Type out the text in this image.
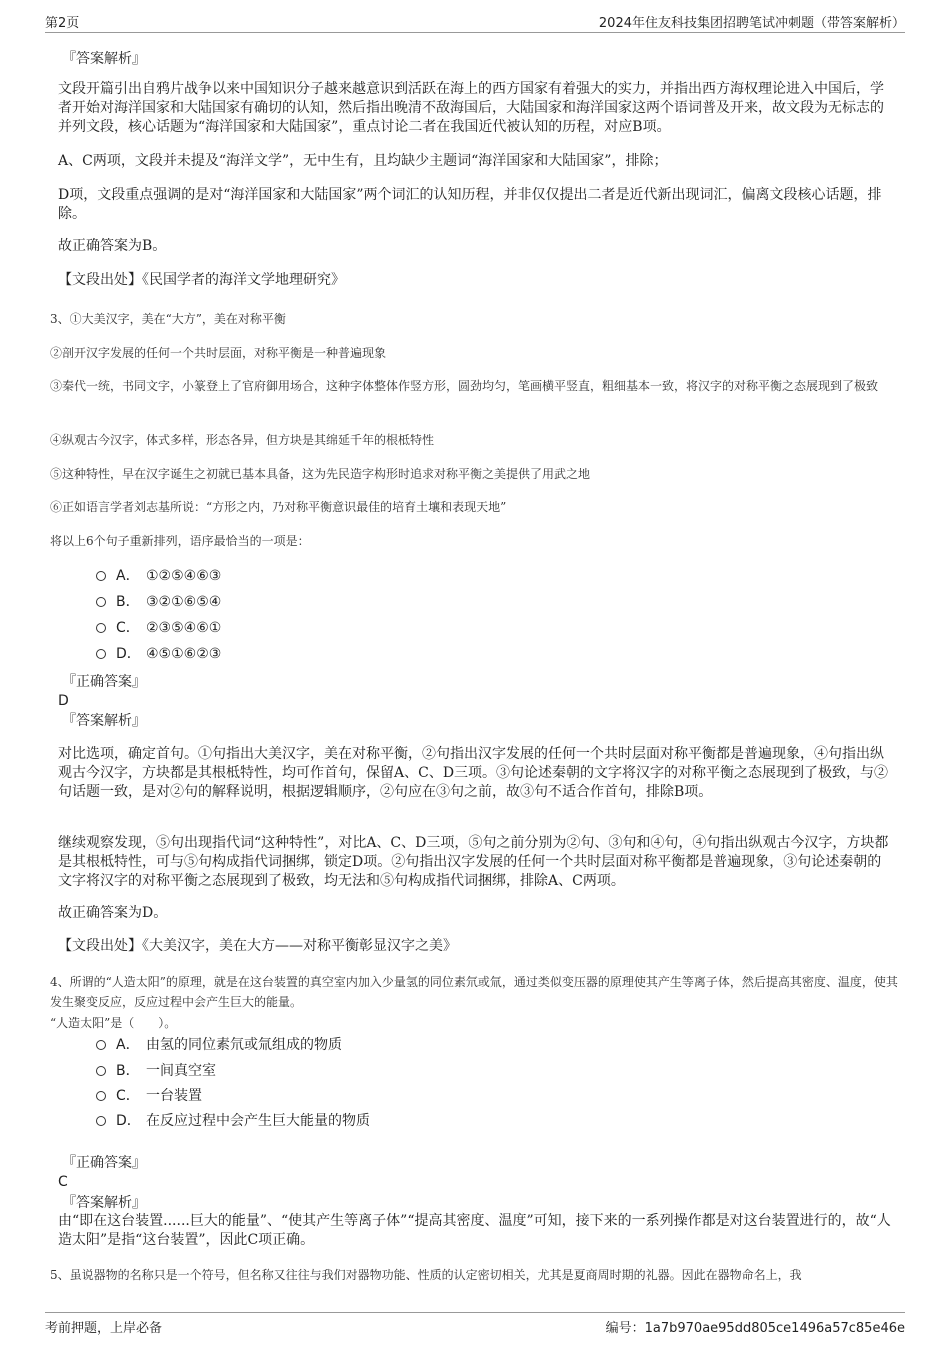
第2页	2024年住友科技集团招聘笔试冲刺题（带答案解析）
『答案解析』
文段开篇引出自鸦片战争以来中国知识分子越来越意识到活跃在海上的西方国家有着强大的实力，并指出西方海权理论进入中国后，学者开始对海洋国家和大陆国家有确切的认知，然后指出晚清不敌海国后，大陆国家和海洋国家这两个语词普及开来，故文段为无标志的并列文段，核心话题为“海洋国家和大陆国家”，重点讨论二者在我国近代被认知的历程，对应B项。
A、C两项，文段并未提及“海洋文学”，无中生有，且均缺少主题词“海洋国家和大陆国家”，排除；
D项，文段重点强调的是对“海洋国家和大陆国家”两个词汇的认知历程，并非仅仅提出二者是近代新出现词汇，偏离文段核心话题，排除。
故正确答案为B。
【文段出处】《民国学者的海洋文学地理研究》
3、①大美汉字，美在“大方”，美在对称平衡
②剖开汉字发展的任何一个共时层面，对称平衡是一种普遍现象
③秦代一统，书同文字，小篆登上了官府御用场合，这种字体整体作竖方形，圆劲均匀，笔画横平竖直，粗细基本一致，将汉字的对称平衡之态展现到了极致
④纵观古今汉字，体式多样，形态各异，但方块是其绵延千年的根柢特性
⑤这种特性，早在汉字诞生之初就已基本具备，这为先民造字构形时追求对称平衡之美提供了用武之地
⑥正如语言学者刘志基所说：“方形之内，乃对称平衡意识最佳的培育土壤和表现天地”
将以上6个句子重新排列，语序最恰当的一项是：
A． ①②⑤④⑥③
B． ③②①⑥⑤④
C． ②③⑤④⑥①
D． ④⑤①⑥②③
『正确答案』
D
『答案解析』
对比选项，确定首句。①句指出大美汉字，美在对称平衡，②句指出汉字发展的任何一个共时层面对称平衡都是普遍现象，④句指出纵观古今汉字，方块都是其根柢特性，均可作首句，保留A、C、D三项。③句论述秦朝的文字将汉字的对称平衡之态展现到了极致，与②句话题一致，是对②句的解释说明，根据逻辑顺序，②句应在③句之前，故③句不适合作首句，排除B项。
继续观察发现，⑤句出现指代词“这种特性”，对比A、C、D三项，⑤句之前分别为②句、③句和④句，④句指出纵观古今汉字，方块都是其根柢特性，可与⑤句构成指代词捆绑，锁定D项。②句指出汉字发展的任何一个共时层面对称平衡都是普遍现象，③句论述秦朝的文字将汉字的对称平衡之态展现到了极致，均无法和⑤句构成指代词捆绑，排除A、C两项。
故正确答案为D。
【文段出处】《大美汉字，美在大方——对称平衡彰显汉字之美》
4、所谓的“人造太阳”的原理，就是在这台装置的真空室内加入少量氢的同位素氘或氚，通过类似变压器的原理使其产生等离子体，然后提高其密度、温度，使其发生聚变反应，反应过程中会产生巨大的能量。
“人造太阳”是（　　）。
A． 由氢的同位素氘或氚组成的物质
B． 一间真空室
C． 一台装置
D． 在反应过程中会产生巨大能量的物质
『正确答案』
C
『答案解析』
由“即在这台装置......巨大的能量”、“使其产生等离子体”“提高其密度、温度”可知，接下来的一系列操作都是对这台装置进行的，故“人造太阳”是指“这台装置”，因此C项正确。
5、虽说器物的名称只是一个符号，但名称又往往与我们对器物功能、性质的认定密切相关，尤其是夏商周时期的礼器。因此在器物命名上，我
考前押题，上岸必备	编号：1a7b970ae95dd805ce1496a57c85e46e
